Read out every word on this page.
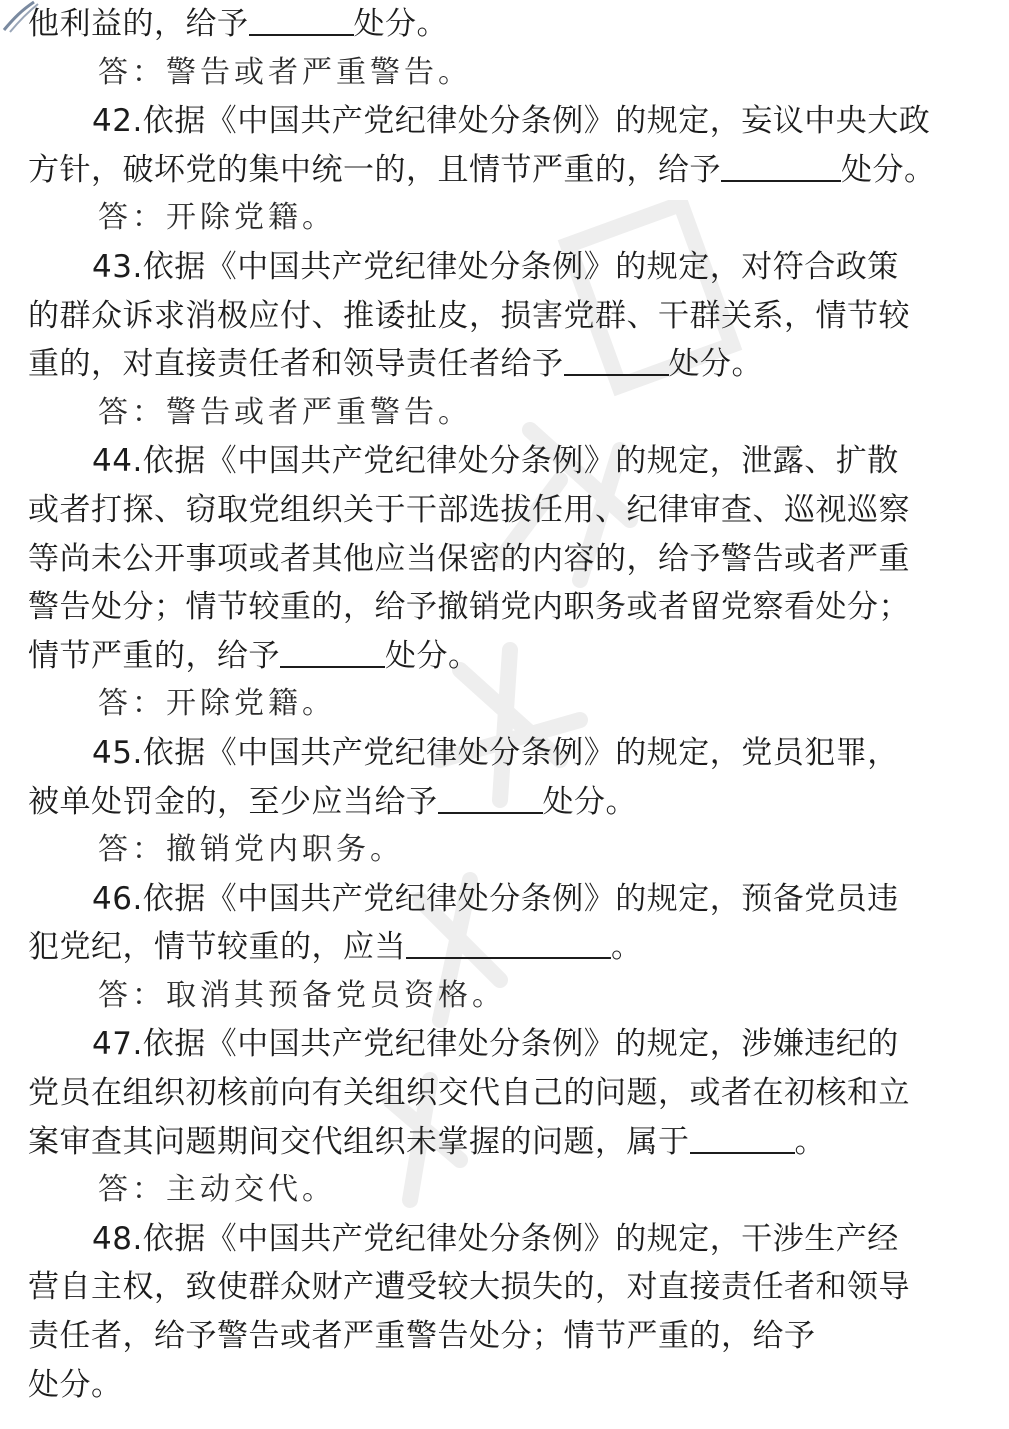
他利益的，给予	处分。
答：警告或者严重警告。
42.依据《中国共产党纪律处分条例》的规定，妄议中央大政
方针，破坏党的集中统一的，且情节严重的，给予	处分。
答：开除党籍。
43.依据《中国共产党纪律处分条例》的规定，对符合政策
的群众诉求消极应付、推诿扯皮，损害党群、干群关系，情节较
重的，对直接责任者和领导责任者给予	处分。
答：警告或者严重警告。
44.依据《中国共产党纪律处分条例》的规定，泄露、扩散
或者打探、窃取党组织关于干部选拔任用、纪律审查、巡视巡察
等尚未公开事项或者其他应当保密的内容的，给予警告或者严重
警告处分；情节较重的，给予撤销党内职务或者留党察看处分；
情节严重的，给予	处分。
答：开除党籍。
45.依据《中国共产党纪律处分条例》的规定，党员犯罪，
被单处罚金的，至少应当给予	处分。
答：撤销党内职务。
46.依据《中国共产党纪律处分条例》的规定，预备党员违
犯党纪，情节较重的，应当	。
答：取消其预备党员资格。
47.依据《中国共产党纪律处分条例》的规定，涉嫌违纪的
党员在组织初核前向有关组织交代自己的问题，或者在初核和立
案审查其问题期间交代组织未掌握的问题，属于	。
答：主动交代。
48.依据《中国共产党纪律处分条例》的规定，干涉生产经
营自主权，致使群众财产遭受较大损失的，对直接责任者和领导
责任者，给予警告或者严重警告处分；情节严重的，给予
处分。
